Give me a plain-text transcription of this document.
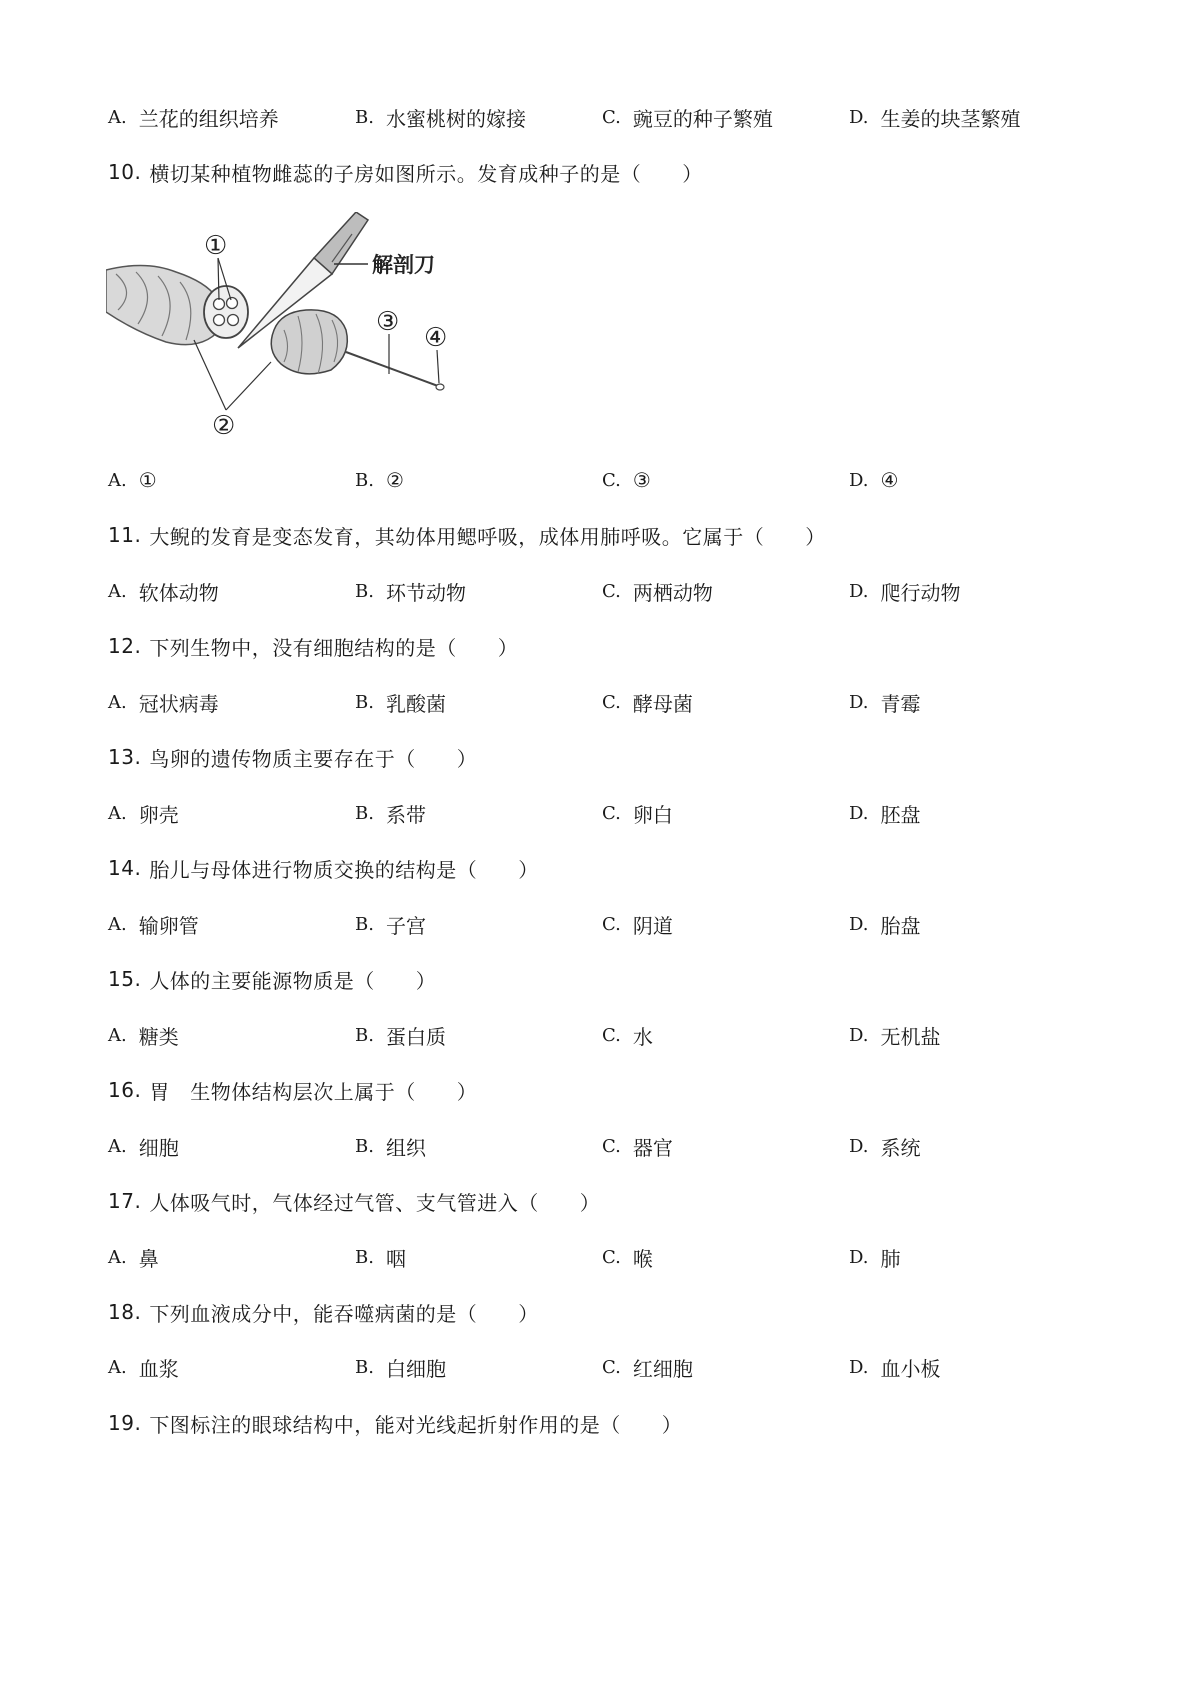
A. 兰花的组织培养	B. 水蜜桃树的嫁接	C. 豌豆的种子繁殖	D. 生姜的块茎繁殖
10. 横切某种植物雌蕊的子房如图所示。发育成种子的是（　　）
解剖刀
①
②
③
④
A. ①	B. ②	C. ③	D. ④
11. 大鲵的发育是变态发育，其幼体用鳃呼吸，成体用肺呼吸。它属于（　　）
A. 软体动物	B. 环节动物	C. 两栖动物	D. 爬行动物
12. 下列生物中，没有细胞结构的是（　　）
A. 冠状病毒	B. 乳酸菌	C. 酵母菌	D. 青霉
13. 鸟卵的遗传物质主要存在于（　　）
A. 卵壳	B. 系带	C. 卵白	D. 胚盘
14. 胎儿与母体进行物质交换的结构是（　　）
A. 输卵管	B. 子宫	C. 阴道	D. 胎盘
15. 人体的主要能源物质是（　　）
A. 糖类	B. 蛋白质	C. 水	D. 无机盐
16. 胃　生物体结构层次上属于（　　）
A. 细胞	B. 组织	C. 器官	D. 系统
17. 人体吸气时，气体经过气管、支气管进入（　　）
A. 鼻	B. 咽	C. 喉	D. 肺
18. 下列血液成分中，能吞噬病菌的是（　　）
A. 血浆	B. 白细胞	C. 红细胞	D. 血小板
19. 下图标注的眼球结构中，能对光线起折射作用的是（　　）
